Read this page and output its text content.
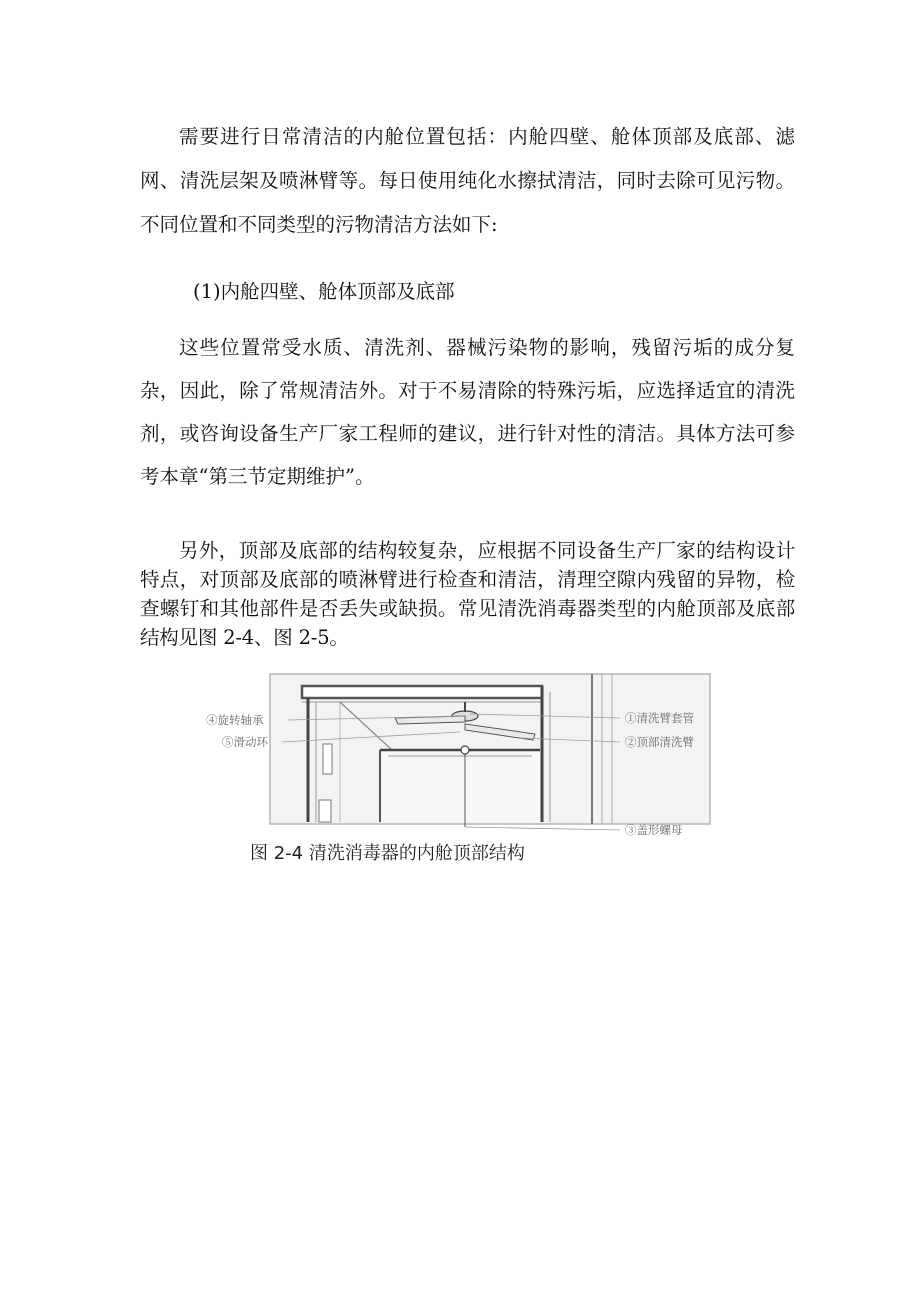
需要进行日常清洁的内舱位置包括：内舱四壁、舱体顶部及底部、滤网、清洗层架及喷淋臂等。每日使用纯化水擦拭清洁，同时去除可见污物。不同位置和不同类型的污物清洁方法如下:

(1)内舱四壁、舱体顶部及底部

这些位置常受水质、清洗剂、器械污染物的影响，残留污垢的成分复杂，因此，除了常规清洁外。对于不易清除的特殊污垢，应选择适宜的清洗剂，或咨询设备生产厂家工程师的建议，进行针对性的清洁。具体方法可参考本章“第三节定期维护”。

另外，顶部及底部的结构较复杂，应根据不同设备生产厂家的结构设计特点，对顶部及底部的喷淋臂进行检查和清洁，清理空隙内残留的异物，检查螺钉和其他部件是否丢失或缺损。常见清洗消毒器类型的内舱顶部及底部结构见图 2-4、图 2-5。

④旋转轴承
⑤滑动环
①清洗臂套管
②顶部清洗臂
③盖形螺母
图 2-4 清洗消毒器的内舱顶部结构
